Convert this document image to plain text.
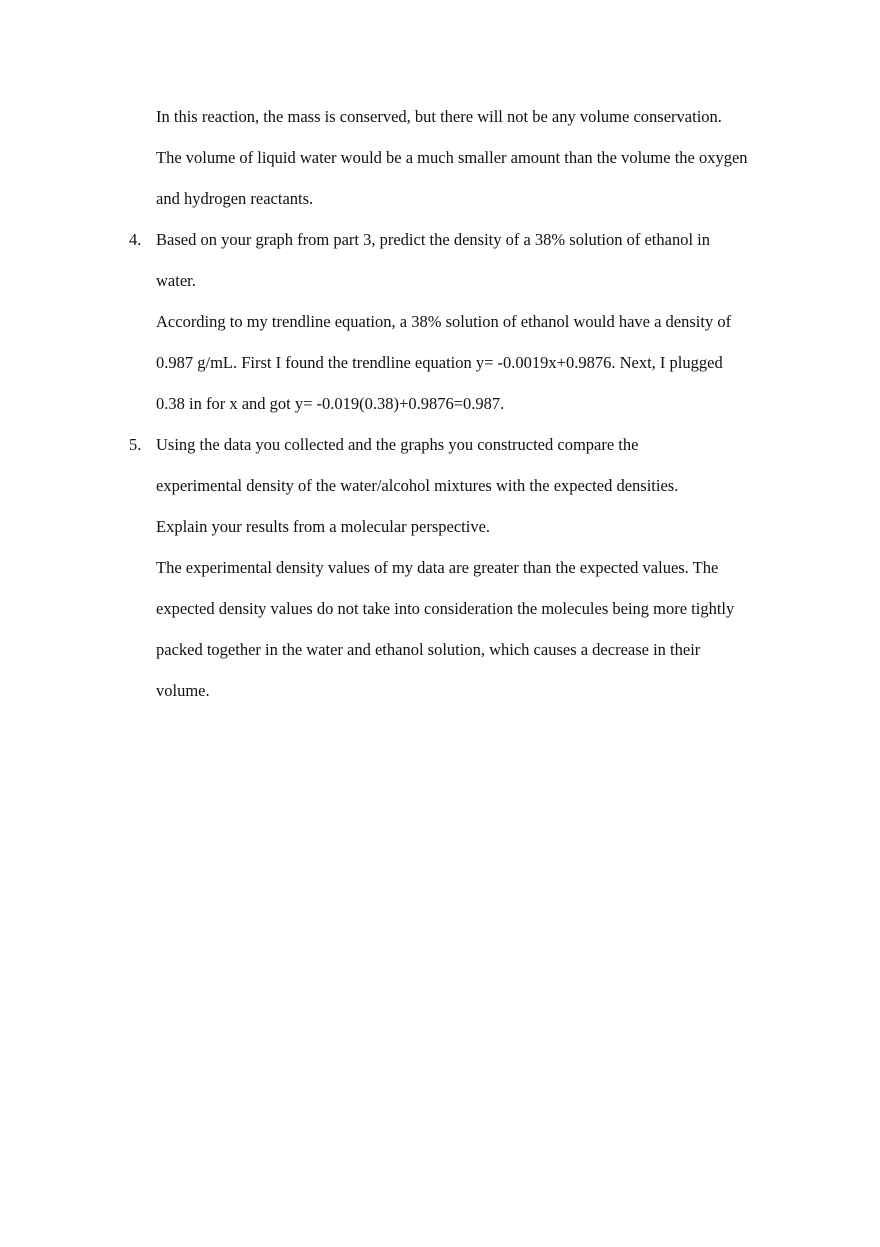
In this reaction, the mass is conserved, but there will not be any volume conservation.
The volume of liquid water would be a much smaller amount than the volume the oxygen
and hydrogen reactants.
4. Based on your graph from part 3, predict the density of a 38% solution of ethanol in
water.
According to my trendline equation, a 38% solution of ethanol would have a density of
0.987 g/mL. First I found the trendline equation y= -0.0019x+0.9876. Next, I plugged
0.38 in for x and got y= -0.019(0.38)+0.9876=0.987.
5. Using the data you collected and the graphs you constructed compare the
experimental density of the water/alcohol mixtures with the expected densities.
Explain your results from a molecular perspective.
The experimental density values of my data are greater than the expected values. The
expected density values do not take into consideration the molecules being more tightly
packed together in the water and ethanol solution, which causes a decrease in their
volume.
